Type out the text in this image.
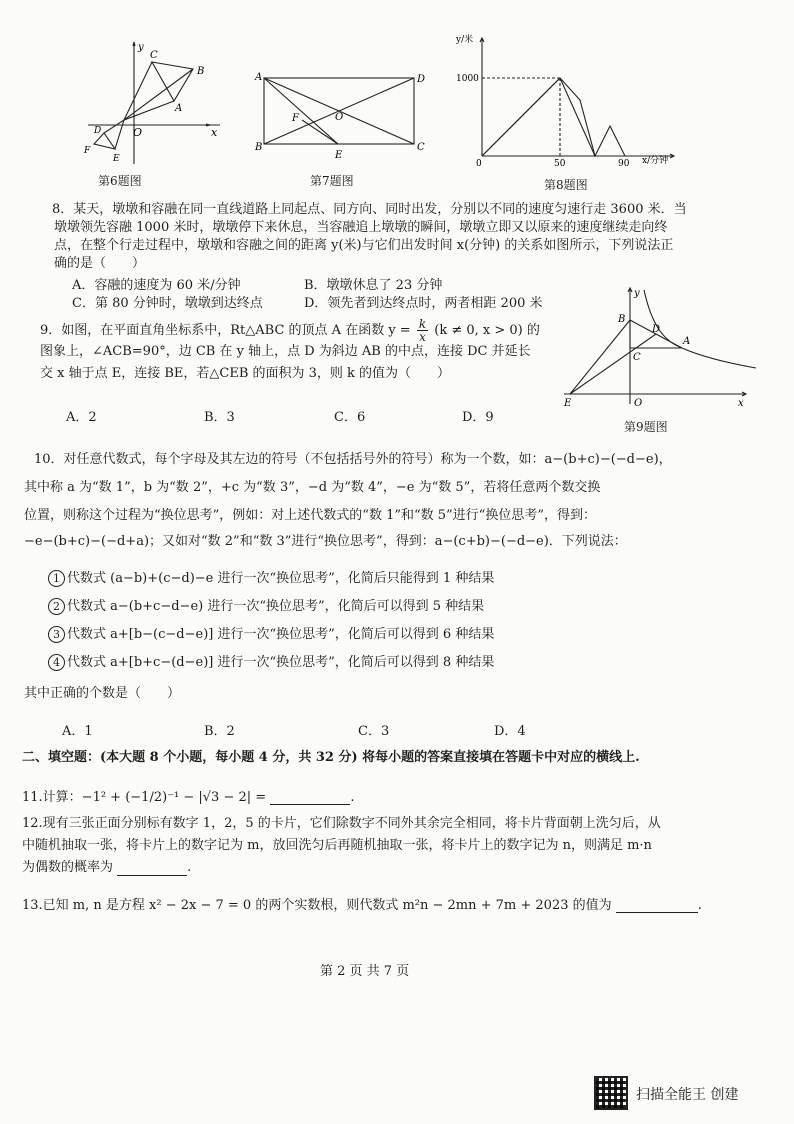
y
C
B
A
O	x
D
F
E
第6题图
A	D
F	O
B
E
C
第7题图
y/米
1000
0	50	90 x/分钟
第8题图
8．某天，墩墩和容融在同一直线道路上同起点、同方向、同时出发，分别以不同的速度匀速行走 3600 米．当
墩墩领先容融 1000 米时，墩墩停下来休息，当容融追上墩墩的瞬间，墩墩立即又以原来的速度继续走向终
点，在整个行走过程中，墩墩和容融之间的距离 y(米)与它们出发时间 x(分钟) 的关系如图所示，下列说法正
确的是（　　）
A．容融的速度为 60 米/分钟	B．墩墩休息了 23 分钟
C．第 80 分钟时，墩墩到达终点	D．领先者到达终点时，两者相距 200 米
9．如图，在平面直角坐标系中，Rt△ABC 的顶点 A 在函数 $y = \frac{k}{x} (k \ne 0$, x > 0) 的
图象上，∠ACB=90°，边 CB 在 y 轴上，点 D 为斜边 AB 的中点，连接 DC 并延长
交 x 轴于点 E，连接 BE，若△CEB 的面积为 3，则 k 的值为（　　）
A．2	B．3	C．6	D．9
y
B
D
A
C
E	O	x
第9题图
10．对任意代数式，每个字母及其左边的符号（不包括括号外的符号）称为一个数，如：a−(b+c)−(−d−e)，
其中称 a 为“数 1”，b 为“数 2”，+c 为“数 3”，−d 为“数 4”，−e 为“数 5”，若将任意两个数交换
位置，则称这个过程为“换位思考”，例如：对上述代数式的“数 1”和“数 5”进行“换位思考”，得到：
−e−(b+c)−(−d+a)；又如对“数 2”和“数 3”进行“换位思考”，得到：a−(c+b)−(−d−e)．下列说法：
1 代数式 (a−b)+(c−d)−e 进行一次“换位思考”，化简后只能得到 1 种结果
2 代数式 a−(b+c−d−e) 进行一次“换位思考”，化简后可以得到 5 种结果
3 代数式 a+[b−(c−d−e)] 进行一次“换位思考”，化简后可以得到 6 种结果
4 代数式 a+[b+c−(d−e)] 进行一次“换位思考”，化简后可以得到 8 种结果
其中正确的个数是（　　）
A．1	B．2	C．3	D．4
二、填空题：(本大题 8 个小题，每小题 4 分，共 32 分) 将每小题的答案直接填在答题卡中对应的横线上.
11.计算：−1² + (−1/2)⁻¹ − |√3 − 2| =	.
12.现有三张正面分别标有数字 1，2，5 的卡片，它们除数字不同外其余完全相同，将卡片背面朝上洗匀后，从
中随机抽取一张，将卡片上的数字记为 m，放回洗匀后再随机抽取一张，将卡片上的数字记为 n，则满足 m·n
为偶数的概率为	.
13.已知 m, n 是方程 x² − 2x − 7 = 0 的两个实数根，则代数式 m²n − 2mn + 7m + 2023 的值为	.
第 2 页 共 7 页
扫描全能王 创建
